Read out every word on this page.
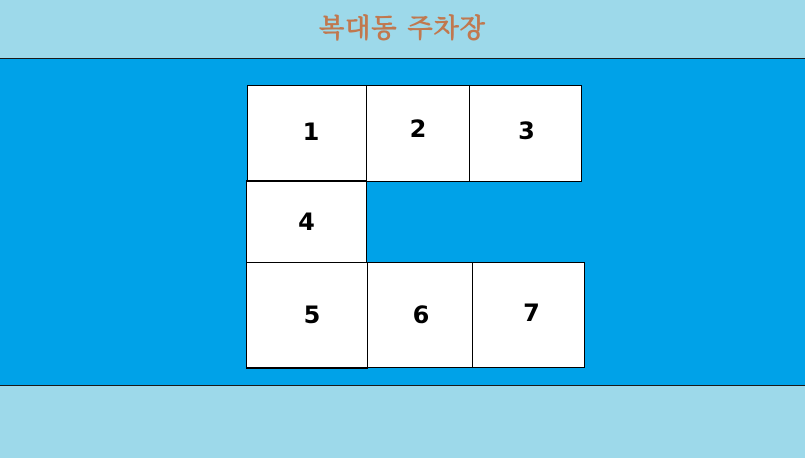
복대동 주차장
1	2	3
4
5	6	7
